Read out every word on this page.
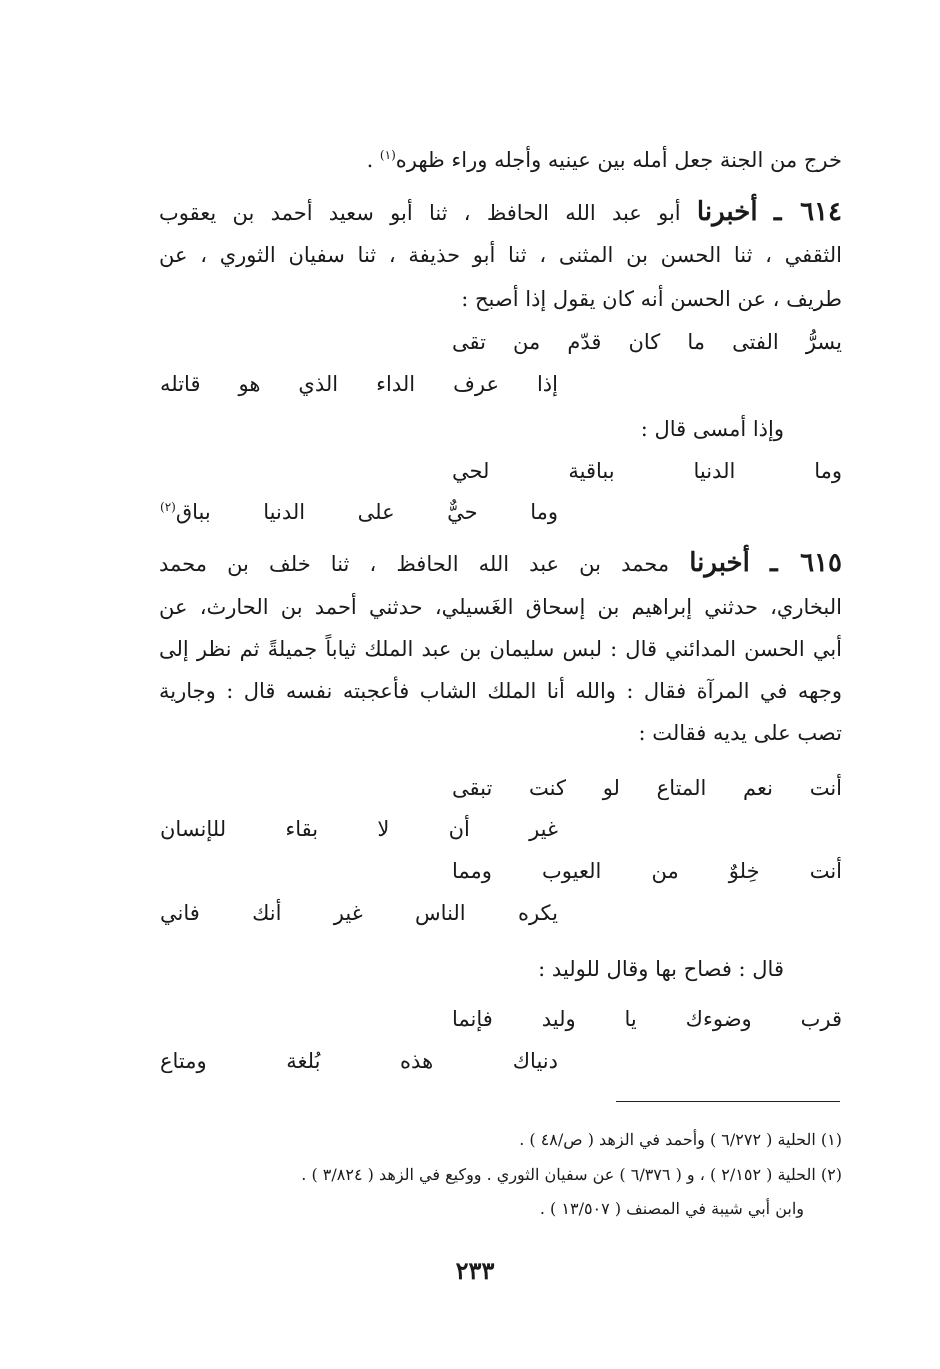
خرج من الجنة جعل أمله بين عينيه وأجله وراء ظهره$^{(١)}$ .
٦١٤ ـ أخبرنا أبو عبد الله الحافظ ، ثنا أبو سعيد أحمد بن يعقوب
الثقفي ، ثنا الحسن بن المثنى ، ثنا أبو حذيفة ، ثنا سفيان الثوري ، عن
طريف ، عن الحسن أنه كان يقول إذا أصبح :
يسرُّ الفتى ما كان قدّم من تقى
إذا عرف الداء الذي هو قاتله
وإذا أمسى قال :
وما الدنيا بباقية لحي
وما حيٌّ على الدنيا بباق$^{(٢)}$
٦١٥ ـ أخبرنا محمد بن عبد الله الحافظ ، ثنا خلف بن محمد
البخاري، حدثني إبراهيم بن إسحاق الغَسيلي، حدثني أحمد بن الحارث، عن
أبي الحسن المدائني قال : لبس سليمان بن عبد الملك ثياباً جميلةً ثم نظر إلى
وجهه في المرآة فقال : والله أنا الملك الشاب فأعجبته نفسه قال : وجارية
تصب على يديه فقالت :
أنت نعم المتاع لو كنت تبقى
غير أن لا بقاء للإنسان
أنت خِلوٌ من العيوب ومما
يكره الناس غير أنك فاني
قال : فصاح بها وقال للوليد :
قرب وضوءك يا وليد فإنما
دنياك هذه بُلغة ومتاع
(١) الحلية ( ٦/٢٧٢ ) وأحمد في الزهد ( ص/٤٨ ) .
(٢) الحلية ( ٢/١٥٢ ) ، و ( ٦/٣٧٦ ) عن سفيان الثوري . ووكيع في الزهد ( ٣/٨٢٤ ) .
وابن أبي شيبة في المصنف ( ١٣/٥٠٧ ) .
٢٣٣
